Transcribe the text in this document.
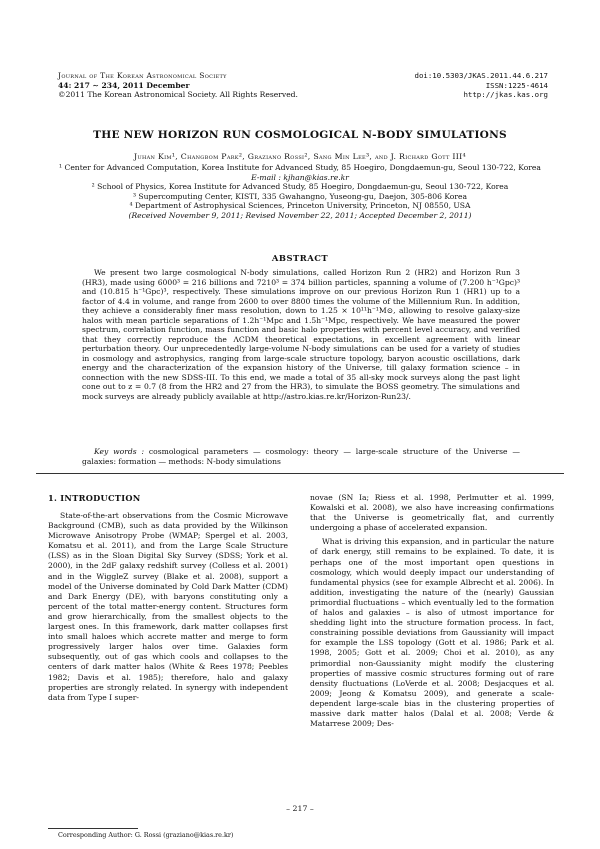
Journal of The Korean Astronomical Society
44: 217 ∼ 234, 2011 December
©2011 The Korean Astronomical Society. All Rights Reserved.
doi:10.5303/JKAS.2011.44.6.217
ISSN:1225-4614
http://jkas.kas.org
THE NEW HORIZON RUN COSMOLOGICAL N-BODY SIMULATIONS
Juhan Kim¹, Changbom Park², Graziano Rossi², Sang Min Lee³, and J. Richard Gott III⁴
¹ Center for Advanced Computation, Korea Institute for Advanced Study, 85 Hoegiro, Dongdaemun-gu, Seoul 130-722, Korea
E-mail : kjhan@kias.re.kr
² School of Physics, Korea Institute for Advanced Study, 85 Hoegiro, Dongdaemun-gu, Seoul 130-722, Korea
³ Supercomputing Center, KISTI, 335 Gwahangno, Yuseong-gu, Daejon, 305-806 Korea
⁴ Department of Astrophysical Sciences, Princeton University, Princeton, NJ 08550, USA
(Received November 9, 2011; Revised November 22, 2011; Accepted December 2, 2011)
ABSTRACT
We present two large cosmological N-body simulations, called Horizon Run 2 (HR2) and Horizon Run 3 (HR3), made using 6000³ = 216 billions and 7210³ = 374 billion particles, spanning a volume of (7.200 h⁻¹Gpc)³ and (10.815 h⁻¹Gpc)³, respectively. These simulations improve on our previous Horizon Run 1 (HR1) up to a factor of 4.4 in volume, and range from 2600 to over 8800 times the volume of the Millennium Run. In addition, they achieve a considerably finer mass resolution, down to 1.25 × 10¹¹h⁻¹M⊙, allowing to resolve galaxy-size halos with mean particle separations of 1.2h⁻¹Mpc and 1.5h⁻¹Mpc, respectively. We have measured the power spectrum, correlation function, mass function and basic halo properties with percent level accuracy, and verified that they correctly reproduce the ΛCDM theoretical expectations, in excellent agreement with linear perturbation theory. Our unprecedentedly large-volume N-body simulations can be used for a variety of studies in cosmology and astrophysics, ranging from large-scale structure topology, baryon acoustic oscillations, dark energy and the characterization of the expansion history of the Universe, till galaxy formation science – in connection with the new SDSS-III. To this end, we made a total of 35 all-sky mock surveys along the past light cone out to z = 0.7 (8 from the HR2 and 27 from the HR3), to simulate the BOSS geometry. The simulations and mock surveys are already publicly available at http://astro.kias.re.kr/Horizon-Run23/.
Key words : cosmological parameters — cosmology: theory — large-scale structure of the Universe — galaxies: formation — methods: N-body simulations
1. INTRODUCTION

State-of-the-art observations from the Cosmic Microwave Background (CMB), such as data provided by the Wilkinson Microwave Anisotropy Probe (WMAP; Spergel et al. 2003, Komatsu et al. 2011), and from the Large Scale Structure (LSS) as in the Sloan Digital Sky Survey (SDSS; York et al. 2000), in the 2dF galaxy redshift survey (Colless et al. 2001) and in the WiggleZ survey (Blake et al. 2008), support a model of the Universe dominated by Cold Dark Matter (CDM) and Dark Energy (DE), with baryons constituting only a percent of the total matter-energy content. Structures form and grow hierarchically, from the smallest objects to the largest ones. In this framework, dark matter collapses first into small haloes which accrete matter and merge to form progressively larger halos over time. Galaxies form subsequently, out of gas which cools and collapses to the centers of dark matter halos (White & Rees 1978; Peebles 1982; Davis et al. 1985); therefore, halo and galaxy properties are strongly related. In synergy with independent data from Type I super-

novae (SN Ia; Riess et al. 1998, Perlmutter et al. 1999, Kowalski et al. 2008), we also have increasing confirmations that the Universe is geometrically flat, and currently undergoing a phase of accelerated expansion.

What is driving this expansion, and in particular the nature of dark energy, still remains to be explained. To date, it is perhaps one of the most important open questions in cosmology, which would deeply impact our understanding of fundamental physics (see for example Albrecht et al. 2006). In addition, investigating the nature of the (nearly) Gaussian primordial fluctuations – which eventually led to the formation of halos and galaxies – is also of utmost importance for shedding light into the structure formation process. In fact, constraining possible deviations from Gaussianity will impact for example the LSS topology (Gott et al. 1986; Park et al. 1998, 2005; Gott et al. 2009; Choi et al. 2010), as any primordial non-Gaussianity might modify the clustering properties of massive cosmic structures forming out of rare density fluctuations (LoVerde et al. 2008; Desjacques et al. 2009; Jeong & Komatsu 2009), and generate a scale-dependent large-scale bias in the clustering properties of massive dark matter halos (Dalal et al. 2008; Verde & Matarrese 2009; Des-

– 217 –
Corresponding Author: G. Rossi (graziano@kias.re.kr)
